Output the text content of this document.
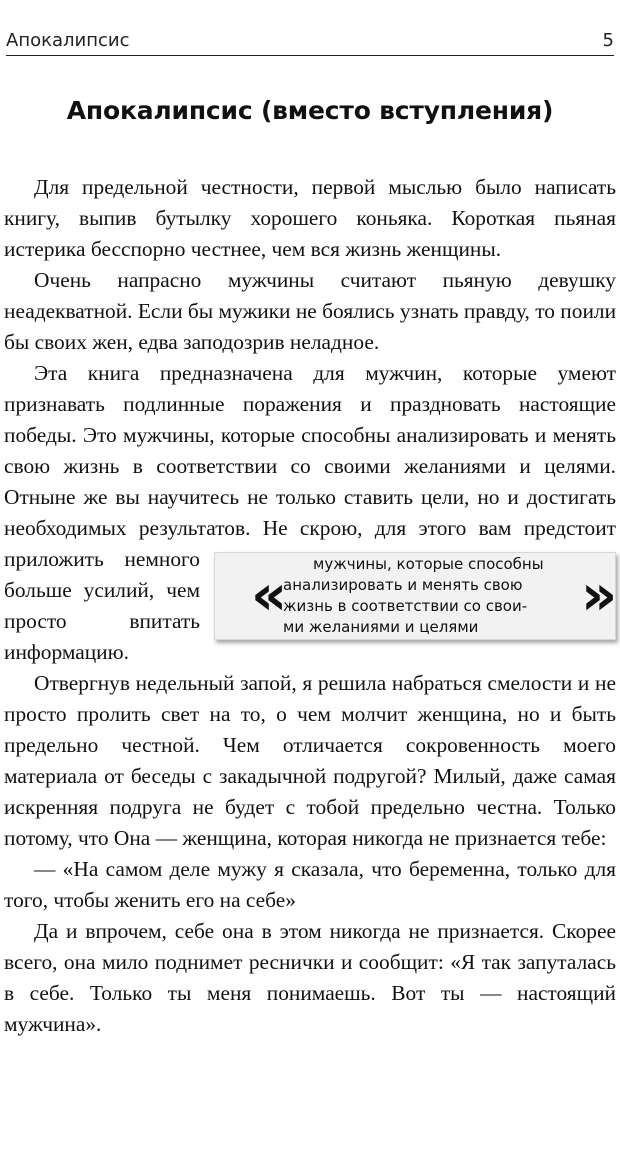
Апокалипсис	5
Апокалипсис (вместо вступления)

Для предельной честности, первой мыслью было написать книгу, выпив бутылку хорошего коньяка. Короткая пьяная истерика бесспорно честнее, чем вся жизнь женщины.

Очень напрасно мужчины считают пьяную девушку неадекватной. Если бы мужики не боялись узнать правду, то поили бы своих жен, едва заподозрив неладное.

Эта книга предназначена для мужчин, которые умеют признавать подлинные поражения и праздновать настоящие победы. Это мужчины, которые способны анализировать и менять свою жизнь в соответствии со своими желаниями и целями. Отныне же вы научитесь не только ставить цели, но и достигать необходимых результатов. Не скрою, для этого вам предстоит приложить
«	мужчины, которые способны
анализировать и менять свою
жизнь в соответствии со свои-
ми желаниями и целями	»
немного больше усилий, чем просто впитать информацию.

Отвергнув недельный запой, я решила набраться смелости и не просто пролить свет на то, о чем молчит женщина, но и быть предельно честной. Чем отличается сокровенность моего материала от беседы с закадычной подругой? Милый, даже самая искренняя подруга не будет с тобой предельно честна. Только потому, что Она — женщина, которая никогда не признается тебе:

— «На самом деле мужу я сказала, что беременна, только для того, чтобы женить его на себе»

Да и впрочем, себе она в этом никогда не признается. Скорее всего, она мило поднимет реснички и сообщит: «Я так запуталась в себе. Только ты меня понимаешь. Вот ты — настоящий мужчина».
